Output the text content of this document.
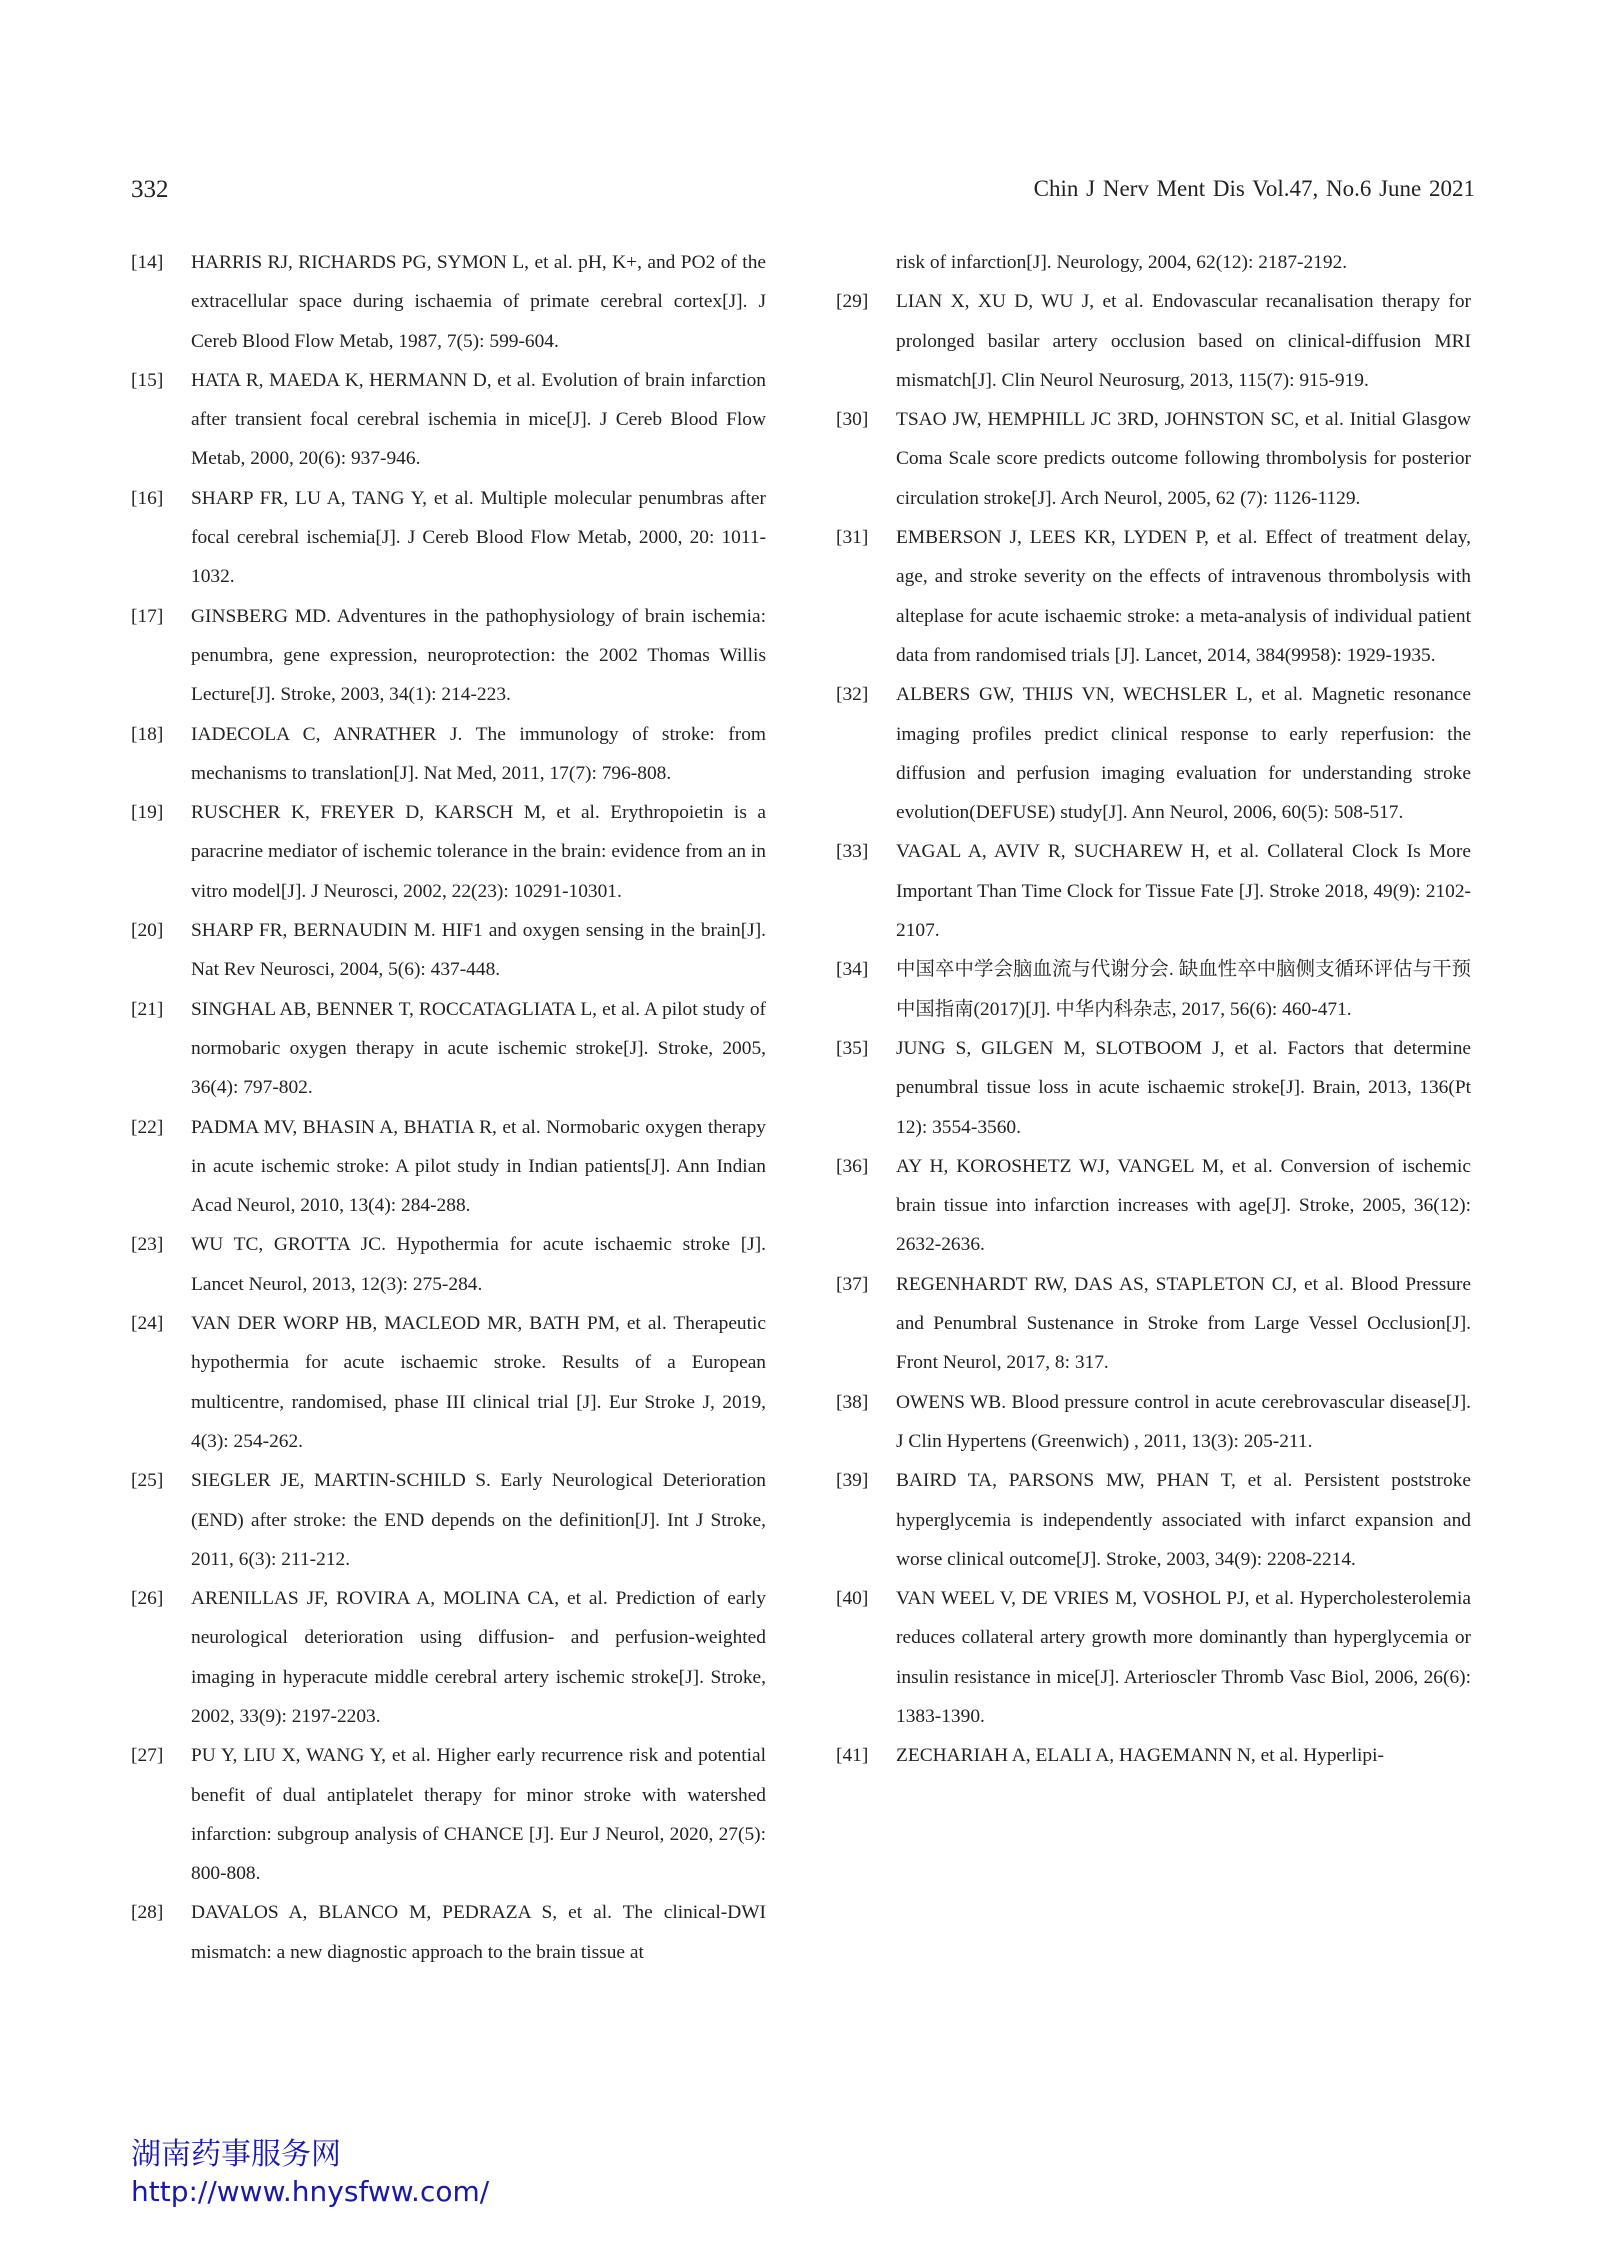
332	Chin J Nerv Ment Dis Vol.47, No.6 June 2021
[14] HARRIS RJ, RICHARDS PG, SYMON L, et al. pH, K+, and PO2 of the extracellular space during ischaemia of primate cerebral cortex[J]. J Cereb Blood Flow Metab, 1987, 7(5): 599-604.
[15] HATA R, MAEDA K, HERMANN D, et al. Evolution of brain infarction after transient focal cerebral ischemia in mice[J]. J Cereb Blood Flow Metab, 2000, 20(6): 937-946.
[16] SHARP FR, LU A, TANG Y, et al. Multiple molecular penumbras after focal cerebral ischemia[J]. J Cereb Blood Flow Metab, 2000, 20: 1011-1032.
[17] GINSBERG MD. Adventures in the pathophysiology of brain ischemia: penumbra, gene expression, neuroprotection: the 2002 Thomas Willis Lecture[J]. Stroke, 2003, 34(1): 214-223.
[18] IADECOLA C, ANRATHER J. The immunology of stroke: from mechanisms to translation[J]. Nat Med, 2011, 17(7): 796-808.
[19] RUSCHER K, FREYER D, KARSCH M, et al. Erythropoietin is a paracrine mediator of ischemic tolerance in the brain: evidence from an in vitro model[J]. J Neurosci, 2002, 22(23): 10291-10301.
[20] SHARP FR, BERNAUDIN M. HIF1 and oxygen sensing in the brain[J]. Nat Rev Neurosci, 2004, 5(6): 437-448.
[21] SINGHAL AB, BENNER T, ROCCATAGLIATA L, et al. A pilot study of normobaric oxygen therapy in acute ischemic stroke[J]. Stroke, 2005, 36(4): 797-802.
[22] PADMA MV, BHASIN A, BHATIA R, et al. Normobaric oxygen therapy in acute ischemic stroke: A pilot study in Indian patients[J]. Ann Indian Acad Neurol, 2010, 13(4): 284-288.
[23] WU TC, GROTTA JC. Hypothermia for acute ischaemic stroke [J]. Lancet Neurol, 2013, 12(3): 275-284.
[24] VAN DER WORP HB, MACLEOD MR, BATH PM, et al. Therapeutic hypothermia for acute ischaemic stroke. Results of a European multicentre, randomised, phase III clinical trial [J]. Eur Stroke J, 2019, 4(3): 254-262.
[25] SIEGLER JE, MARTIN-SCHILD S. Early Neurological Deterioration (END) after stroke: the END depends on the definition[J]. Int J Stroke, 2011, 6(3): 211-212.
[26] ARENILLAS JF, ROVIRA A, MOLINA CA, et al. Prediction of early neurological deterioration using diffusion- and perfusion-weighted imaging in hyperacute middle cerebral artery ischemic stroke[J]. Stroke, 2002, 33(9): 2197-2203.
[27] PU Y, LIU X, WANG Y, et al. Higher early recurrence risk and potential benefit of dual antiplatelet therapy for minor stroke with watershed infarction: subgroup analysis of CHANCE [J]. Eur J Neurol, 2020, 27(5): 800-808.
[28] DAVALOS A, BLANCO M, PEDRAZA S, et al. The clinical-DWI mismatch: a new diagnostic approach to the brain tissue at
risk of infarction[J]. Neurology, 2004, 62(12): 2187-2192.
[29] LIAN X, XU D, WU J, et al. Endovascular recanalisation therapy for prolonged basilar artery occlusion based on clinical-diffusion MRI mismatch[J]. Clin Neurol Neurosurg, 2013, 115(7): 915-919.
[30] TSAO JW, HEMPHILL JC 3RD, JOHNSTON SC, et al. Initial Glasgow Coma Scale score predicts outcome following thrombolysis for posterior circulation stroke[J]. Arch Neurol, 2005, 62 (7): 1126-1129.
[31] EMBERSON J, LEES KR, LYDEN P, et al. Effect of treatment delay, age, and stroke severity on the effects of intravenous thrombolysis with alteplase for acute ischaemic stroke: a meta-analysis of individual patient data from randomised trials [J]. Lancet, 2014, 384(9958): 1929-1935.
[32] ALBERS GW, THIJS VN, WECHSLER L, et al. Magnetic resonance imaging profiles predict clinical response to early reperfusion: the diffusion and perfusion imaging evaluation for understanding stroke evolution(DEFUSE) study[J]. Ann Neurol, 2006, 60(5): 508-517.
[33] VAGAL A, AVIV R, SUCHAREW H, et al. Collateral Clock Is More Important Than Time Clock for Tissue Fate [J]. Stroke 2018, 49(9): 2102-2107.
[34] 中国卒中学会脑血流与代谢分会. 缺血性卒中脑侧支循环评估与干预中国指南(2017)[J]. 中华内科杂志, 2017, 56(6): 460-471.
[35] JUNG S, GILGEN M, SLOTBOOM J, et al. Factors that determine penumbral tissue loss in acute ischaemic stroke[J]. Brain, 2013, 136(Pt 12): 3554-3560.
[36] AY H, KOROSHETZ WJ, VANGEL M, et al. Conversion of ischemic brain tissue into infarction increases with age[J]. Stroke, 2005, 36(12): 2632-2636.
[37] REGENHARDT RW, DAS AS, STAPLETON CJ, et al. Blood Pressure and Penumbral Sustenance in Stroke from Large Vessel Occlusion[J]. Front Neurol, 2017, 8: 317.
[38] OWENS WB. Blood pressure control in acute cerebrovascular disease[J]. J Clin Hypertens (Greenwich) , 2011, 13(3): 205-211.
[39] BAIRD TA, PARSONS MW, PHAN T, et al. Persistent poststroke hyperglycemia is independently associated with infarct expansion and worse clinical outcome[J]. Stroke, 2003, 34(9): 2208-2214.
[40] VAN WEEL V, DE VRIES M, VOSHOL PJ, et al. Hypercholesterolemia reduces collateral artery growth more dominantly than hyperglycemia or insulin resistance in mice[J]. Arterioscler Thromb Vasc Biol, 2006, 26(6): 1383-1390.
[41] ZECHARIAH A, ELALI A, HAGEMANN N, et al. Hyperlipi-
湖南药事服务网
http://www.hnysfww.com/
